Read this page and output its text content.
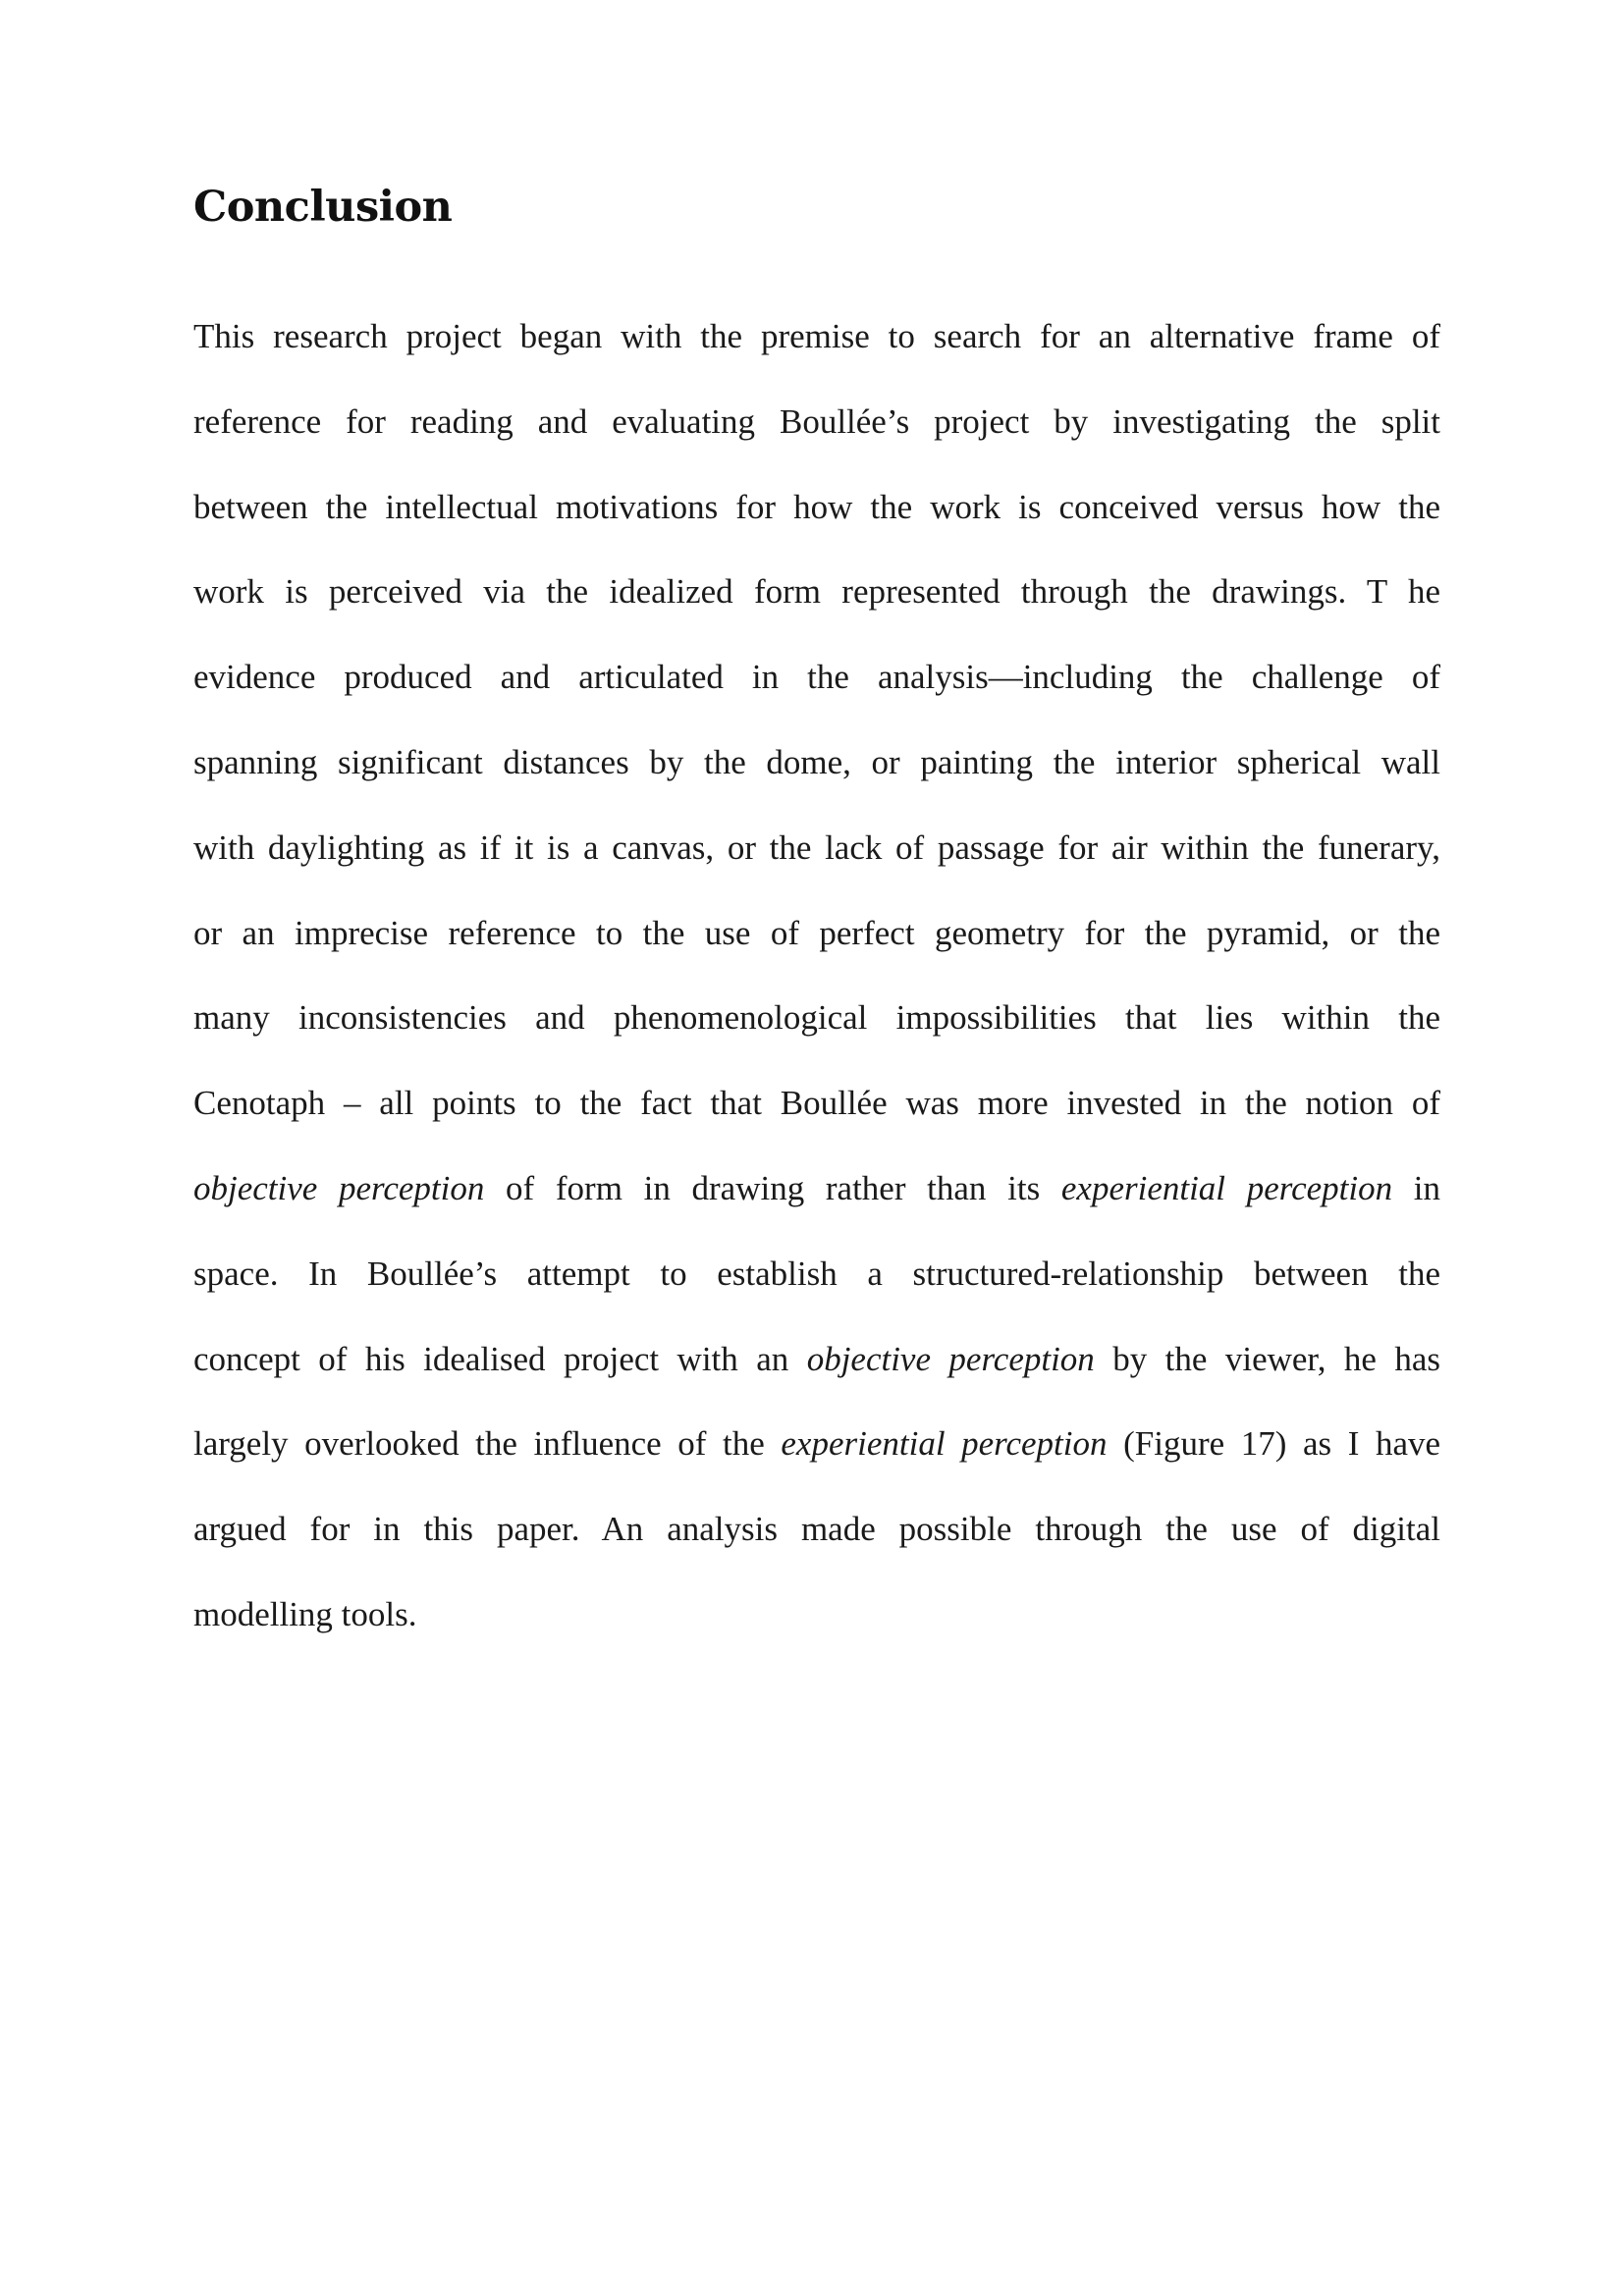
Conclusion
This research project began with the premise to search for an alternative frame of
reference for reading and evaluating Boullée’s project by investigating the split
between the intellectual motivations for how the work is conceived versus how the
work is perceived via the idealized form represented through the drawings. T he
evidence produced and articulated in the analysis—including the challenge of
spanning significant distances by the dome, or painting the interior spherical wall
with daylighting as if it is a canvas, or the lack of passage for air within the funerary,
or an imprecise reference to the use of perfect geometry for the pyramid, or the
many inconsistencies and phenomenological impossibilities that lies within the
Cenotaph – all points to the fact that Boullée was more invested in the notion of
objective perception of form in drawing rather than its experiential perception in
space. In Boullée’s attempt to establish a structured-relationship between the
concept of his idealised project with an objective perception by the viewer, he has
largely overlooked the influence of the experiential perception (Figure 17) as I have
argued for in this paper. An analysis made possible through the use of digital
modelling tools.
